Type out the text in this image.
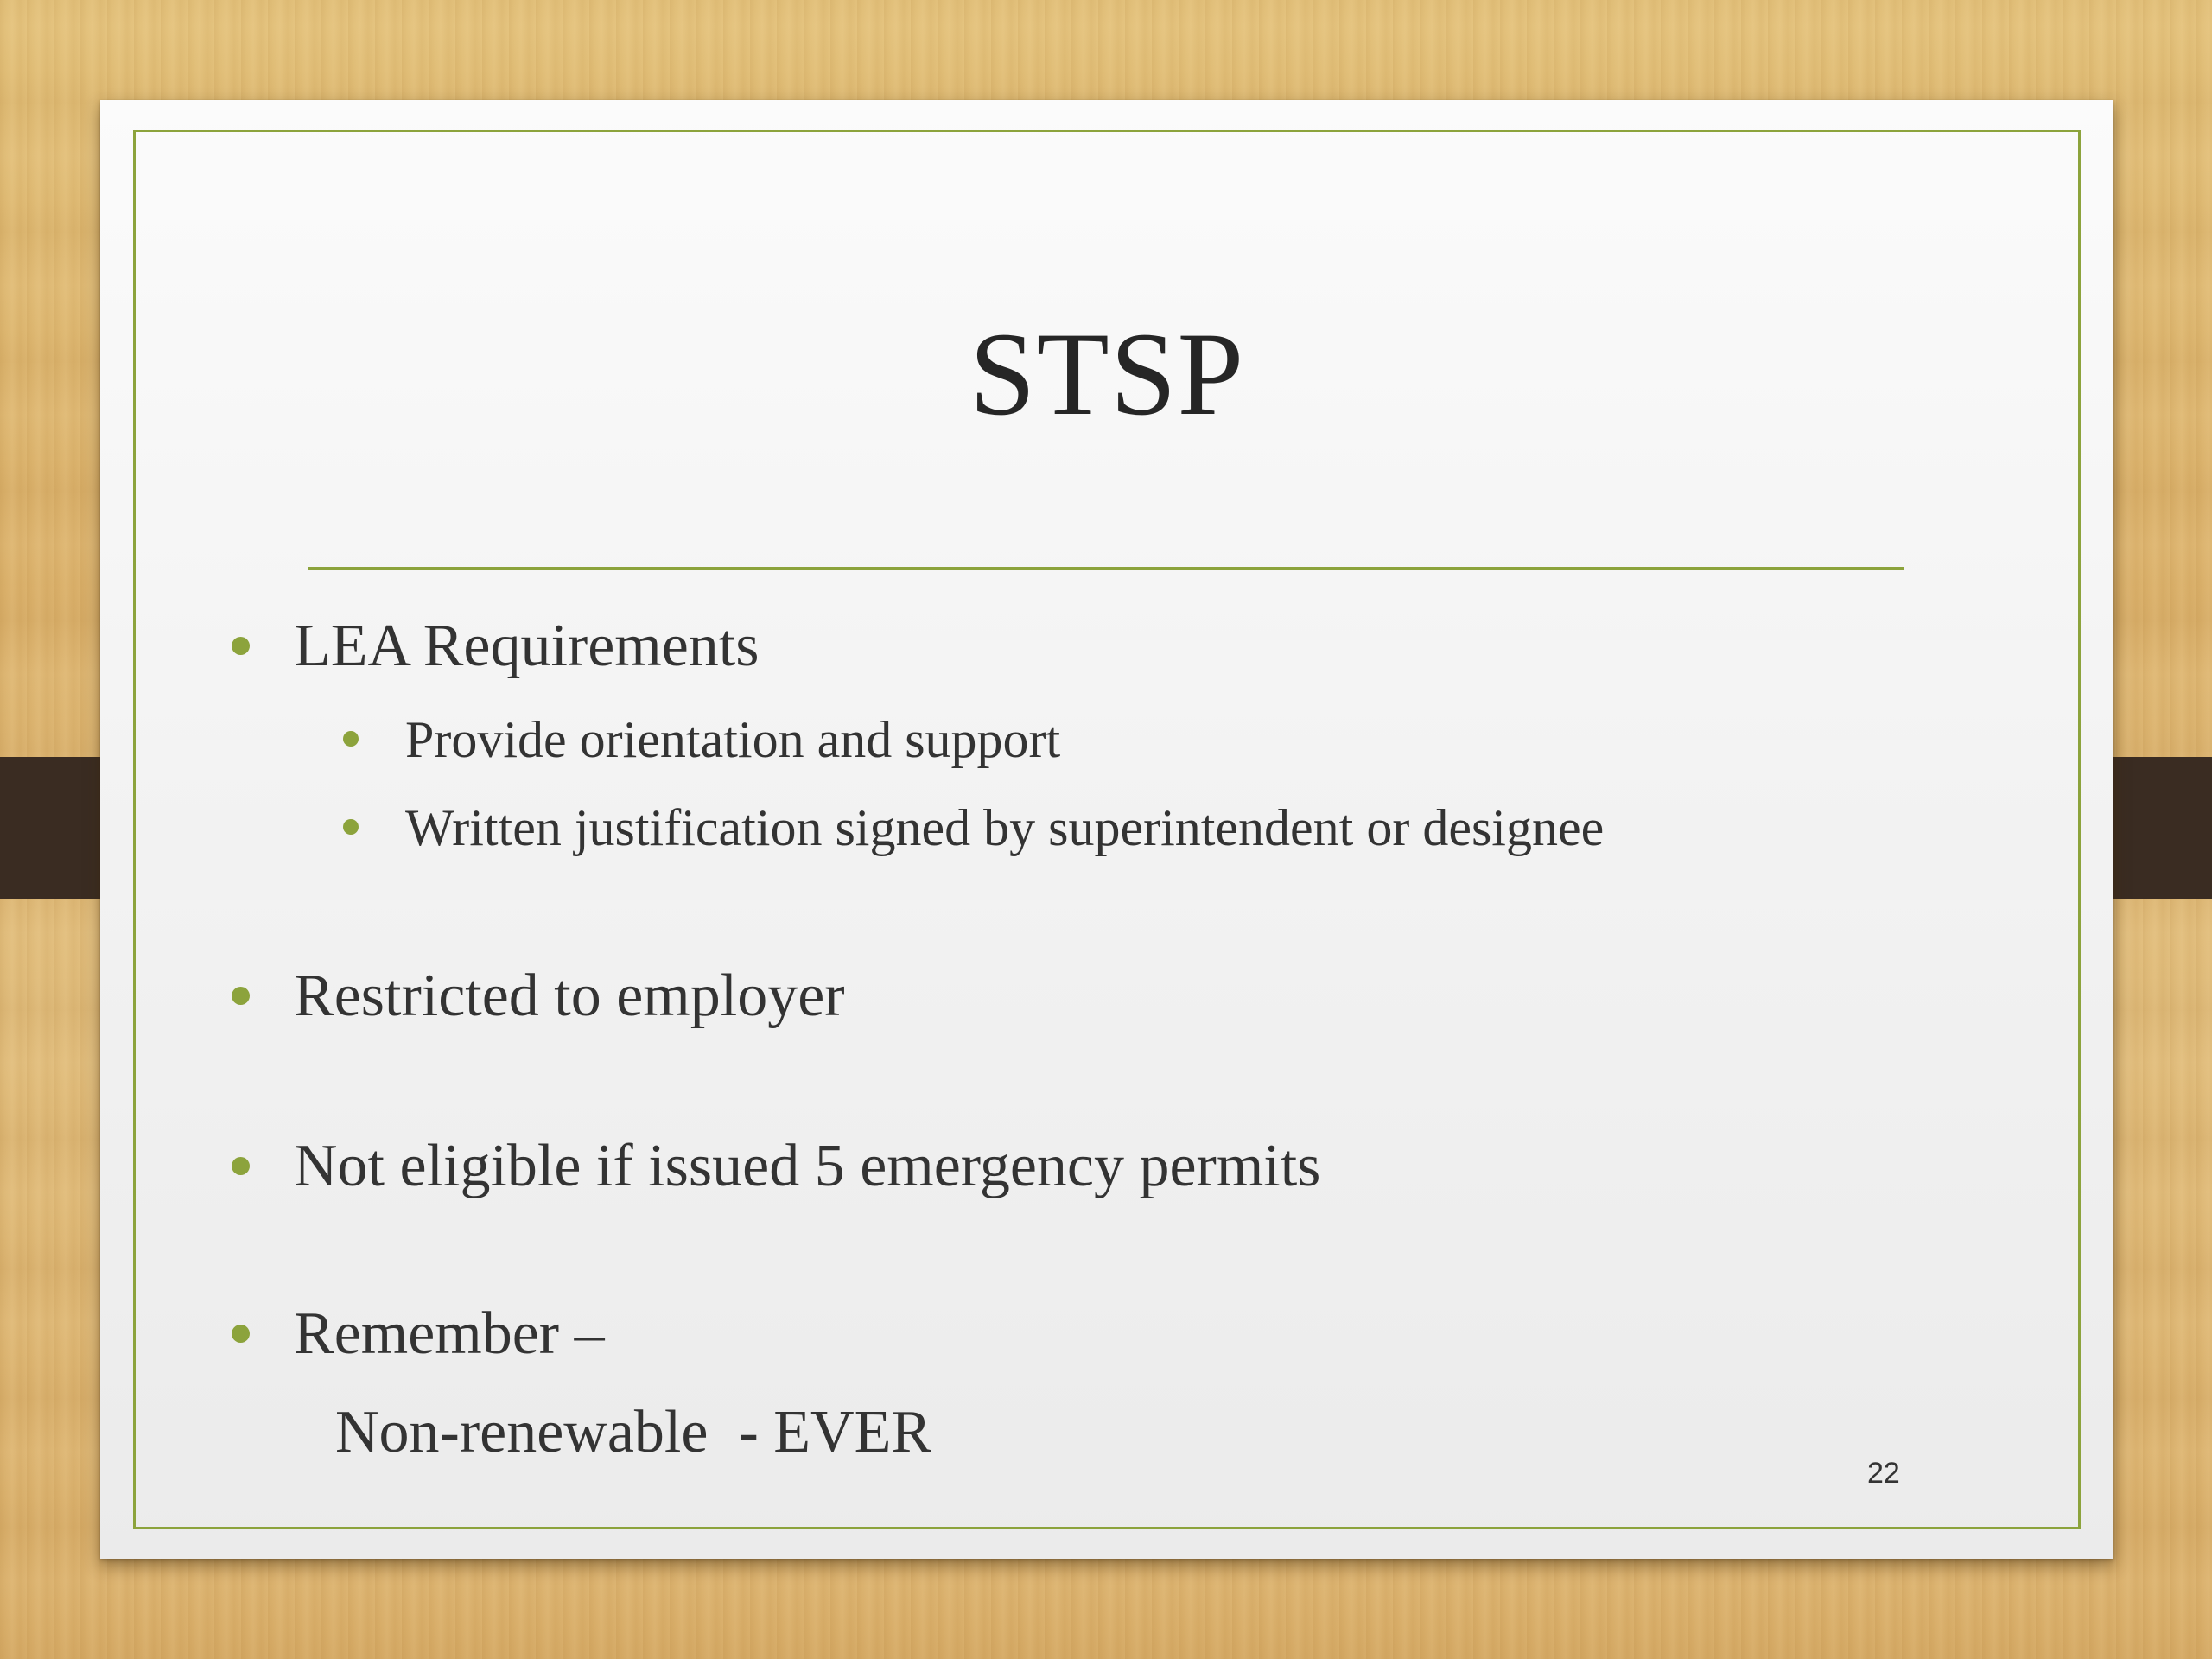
STSP
LEA Requirements
Provide orientation and support
Written justification signed by superintendent or designee
Restricted to employer
Not eligible if issued 5 emergency permits
Remember –
Non-renewable  - EVER
22
